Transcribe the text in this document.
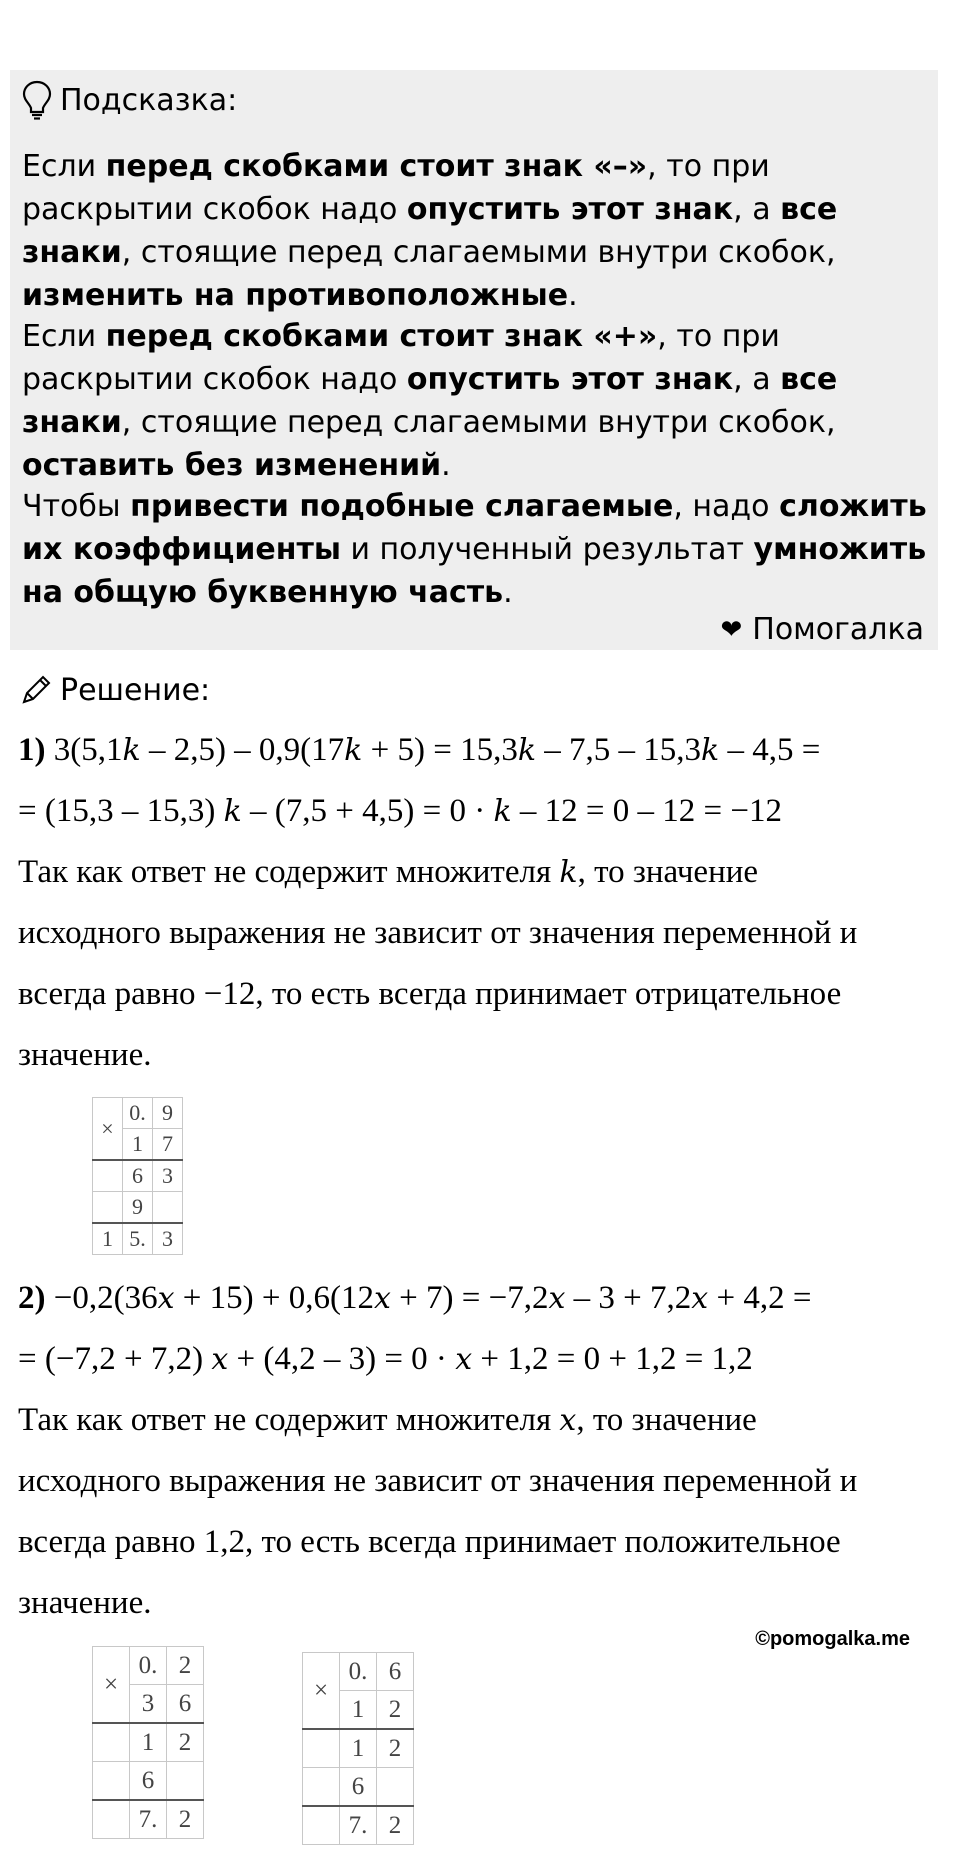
Подсказка:

Если перед скобками стоит знак «–», то при раскрытии скобок надо опустить этот знак, а все знаки, стоящие перед слагаемыми внутри скобок, изменить на противоположные.

Если перед скобками стоит знак «+», то при раскрытии скобок надо опустить этот знак, а все знаки, стоящие перед слагаемыми внутри скобок, оставить без изменений.

Чтобы привести подобные слагаемые, надо сложить их коэффициенты и полученный результат умножить на общую буквенную часть.

❤ Помогалка
Решение:
1) 3(5,1k – 2,5) – 0,9(17k + 5) = 15,3k – 7,5 – 15,3k – 4,5 =
= (15,3 – 15,3) k – (7,5 + 4,5) = 0 · k – 12 = 0 – 12 = −12
Так как ответ не содержит множителя k, то значение
исходного выражения не зависит от значения переменной и
всегда равно −12, то есть всегда принимает отрицательное
значение.
×	0.	9
	1	7
	6	3
	9	
1	5.	3
2) −0,2(36x + 15) + 0,6(12x + 7) = −7,2x – 3 + 7,2x + 4,2 =
= (−7,2 + 7,2) x + (4,2 – 3) = 0 · x + 1,2 = 0 + 1,2 = 1,2
Так как ответ не содержит множителя x, то значение
исходного выражения не зависит от значения переменной и
всегда равно 1,2, то есть всегда принимает положительное
значение.
×	0.	2
	3	6
	1	2
	6	
	7.	2
×	0.	6
	1	2
	1	2
	6	
	7.	2
©pomogalka.me
